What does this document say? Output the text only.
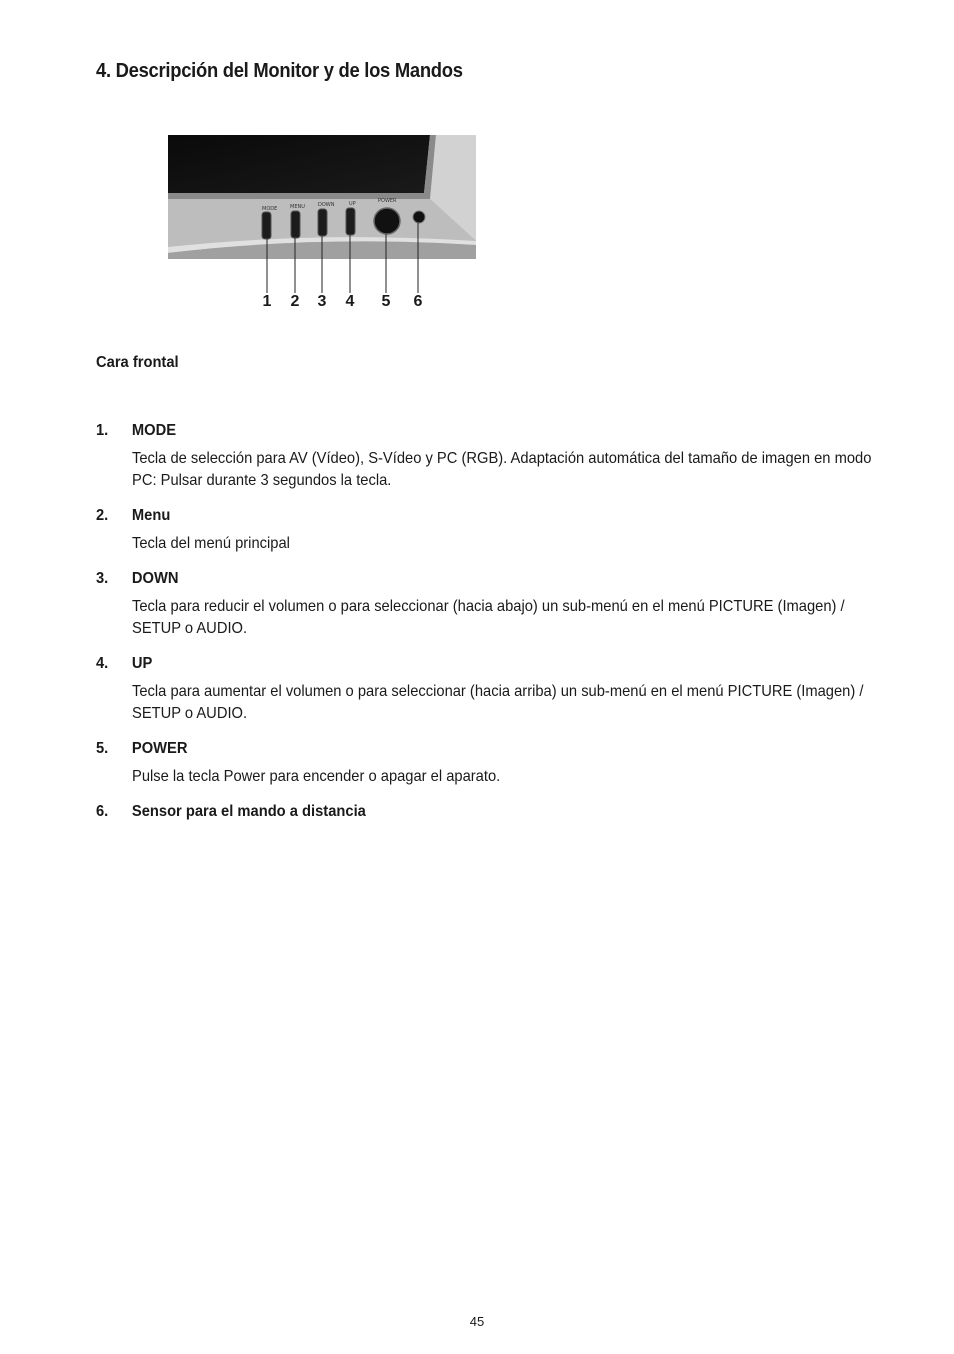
4. Descripción del Monitor y de los Mandos
MODE	MENU	DOWN	UP	POWER
1 2 3 4 5 6
Cara frontal
1.	MODE
Tecla de selección para AV (Vídeo), S-Vídeo y PC (RGB). Adaptación automática del tamaño de imagen en modo PC: Pulsar durante 3 segundos la tecla.
2.	Menu
Tecla del menú principal
3.	DOWN
Tecla para reducir el volumen o para seleccionar (hacia abajo) un sub-menú en el menú PICTURE (Imagen) / SETUP o AUDIO.
4.	UP
Tecla para aumentar el volumen o para seleccionar (hacia arriba) un sub-menú en el menú PICTURE (Imagen) / SETUP o AUDIO.
5.	POWER
Pulse la tecla Power para encender o apagar el aparato.
6.	Sensor para el mando a distancia
45
